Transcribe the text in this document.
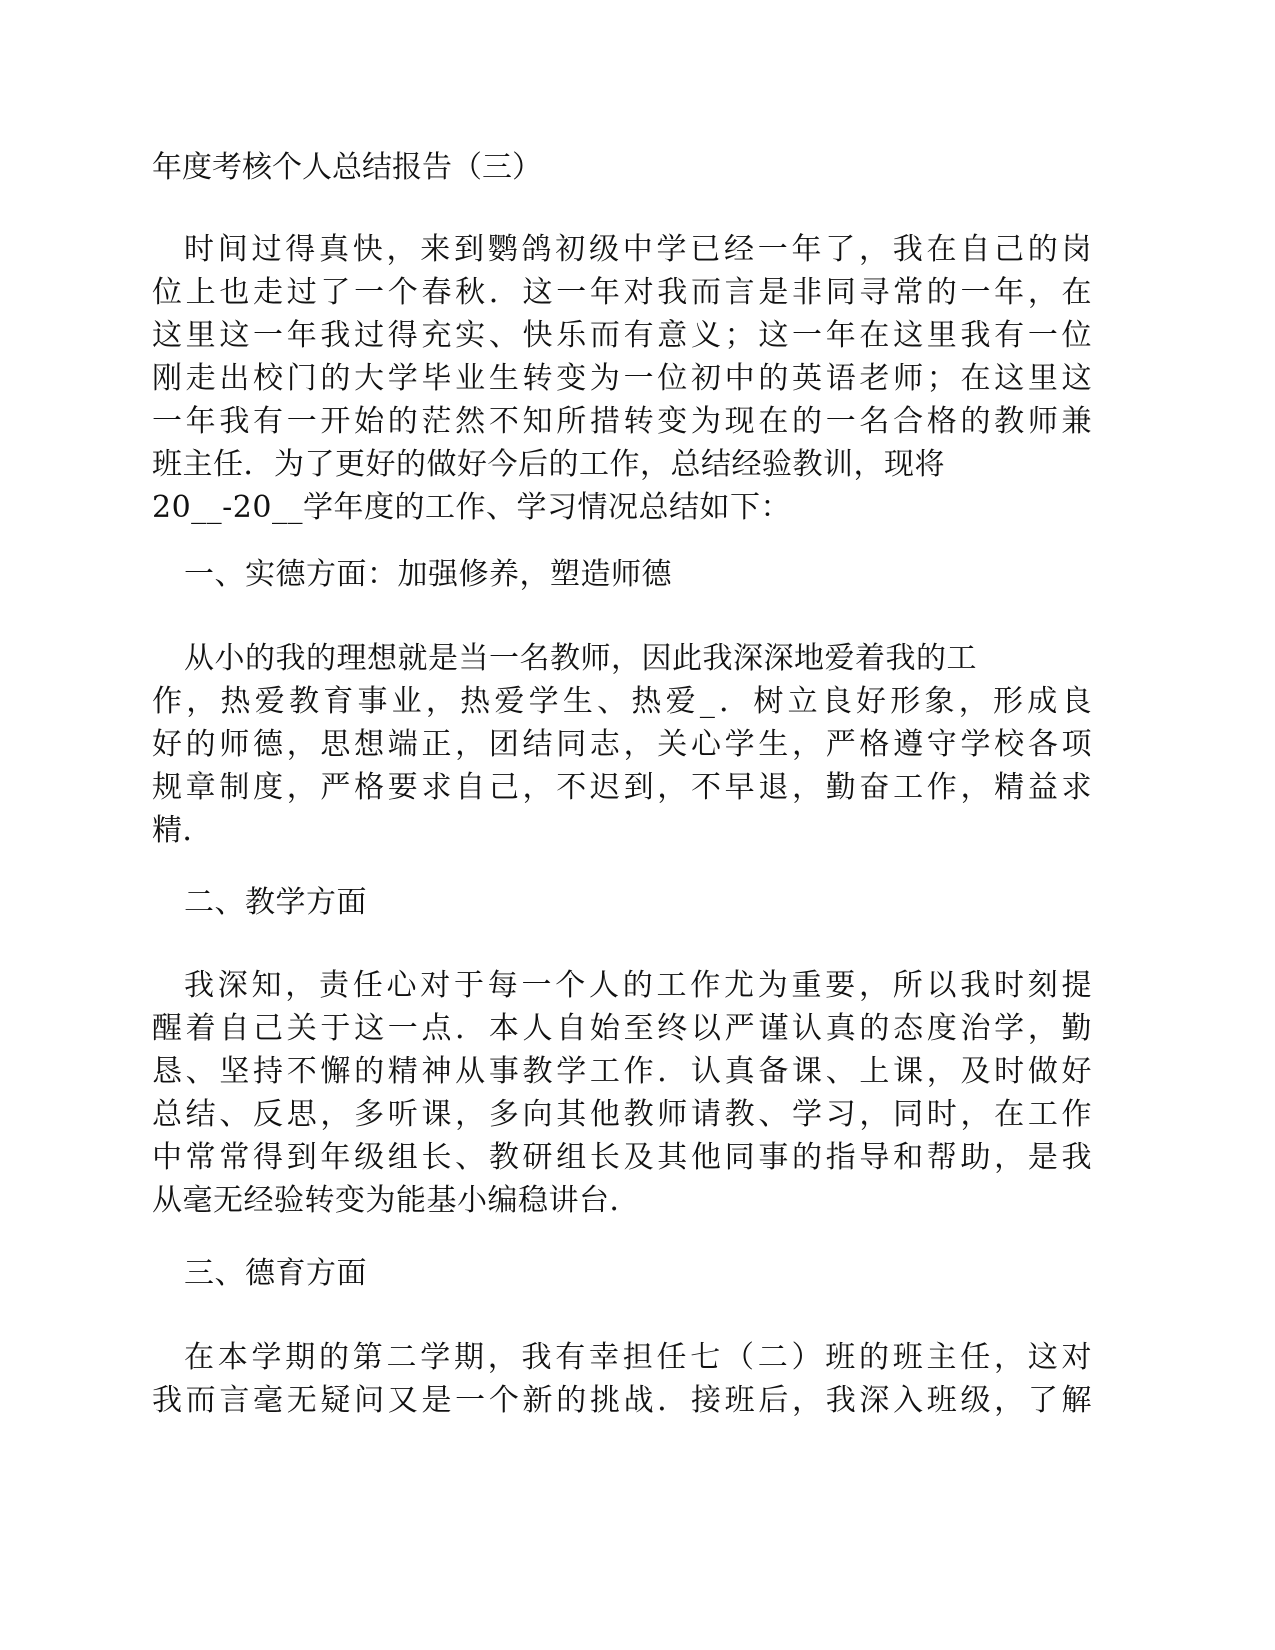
年度考核个人总结报告（三）
时间过得真快，来到鹦鸽初级中学已经一年了，我在自己的岗
位上也走过了一个春秋．这一年对我而言是非同寻常的一年，在
这里这一年我过得充实、快乐而有意义；这一年在这里我有一位
刚走出校门的大学毕业生转变为一位初中的英语老师；在这里这
一年我有一开始的茫然不知所措转变为现在的一名合格的教师兼
班主任．为了更好的做好今后的工作，总结经验教训，现将
20__-20__学年度的工作、学习情况总结如下：
一、实德方面：加强修养，塑造师德
从小的我的理想就是当一名教师，因此我深深地爱着我的工
作，热爱教育事业，热爱学生、热爱_．树立良好形象，形成良
好的师德，思想端正，团结同志，关心学生，严格遵守学校各项
规章制度，严格要求自己，不迟到，不早退，勤奋工作，精益求
精．
二、教学方面
我深知，责任心对于每一个人的工作尤为重要，所以我时刻提
醒着自己关于这一点．本人自始至终以严谨认真的态度治学，勤
恳、坚持不懈的精神从事教学工作．认真备课、上课，及时做好
总结、反思，多听课，多向其他教师请教、学习，同时，在工作
中常常得到年级组长、教研组长及其他同事的指导和帮助，是我
从毫无经验转变为能基小编稳讲台．
三、德育方面
在本学期的第二学期，我有幸担任七（二）班的班主任，这对
我而言毫无疑问又是一个新的挑战．接班后，我深入班级，了解
